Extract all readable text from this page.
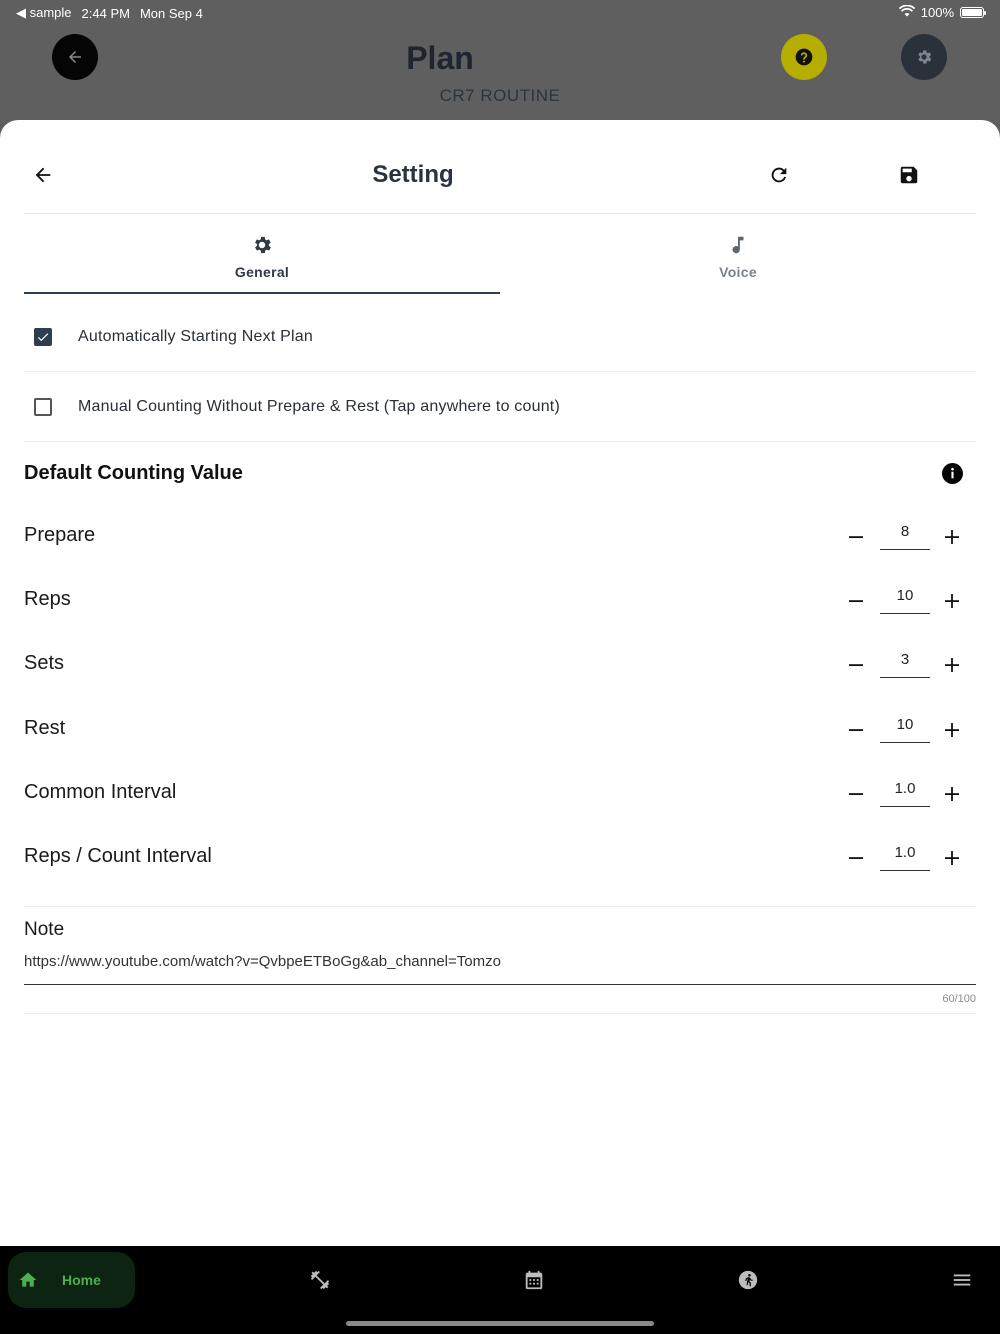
◀ sample 2:44 PM Mon Sep 4	100%
Plan
CR7 ROUTINE
Setting
General	Voice
Automatically Starting Next Plan
Manual Counting Without Prepare & Rest (Tap anywhere to count)
Default Counting Value
Prepare	8
Reps	10
Sets	3
Rest	10
Common Interval	1.0
Reps / Count Interval	1.0
Note
https://www.youtube.com/watch?v=QvbpeETBoGg&ab_channel=Tomzo
60/100
Home
